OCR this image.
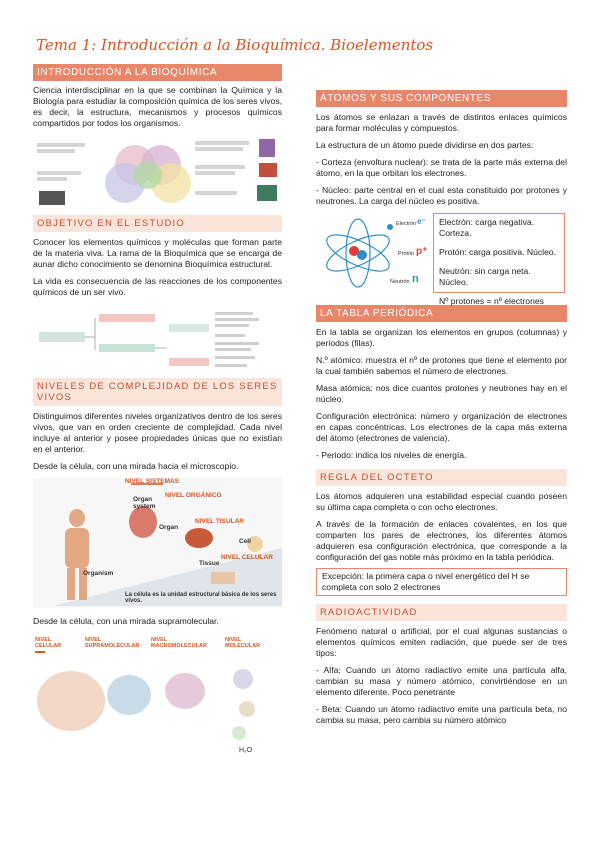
Tema 1: Introducción a la Bioquímica. Bioelementos
INTRODUCCIÓN A LA BIOQUÍMICA

Ciencia interdisciplinar en la que se combinan la Química y la Biología para estudiar la composición química de los seres vivos, es decir, la estructura, mecanismos y procesos químicos compartidos por todos los organismos.

OBJETIVO EN EL ESTUDIO

Conocer los elementos químicos y moléculas que forman parte de la materia viva. La rama de la Bioquímica que se encarga de aunar dicho conocimiento se denomina Bioquímica estructural.

La vida es consecuencia de las reacciones de los componentes químicos de un ser vivo.

NIVELES DE COMPLEJIDAD DE LOS SERES VIVOS

Distinguimos diferentes niveles organizativos dentro de los seres vivos, que van en orden creciente de complejidad. Cada nivel incluye al anterior y posee propiedades únicas que no existían en el anterior.

Desde la célula, con una mirada hacia el microscopio.

NIVEL SISTEMAS
NIVEL ORGÁNICO
NIVEL TISULAR
NIVEL CELULAR
Organ system
Organ
Cell
Tissue
Organism
La célula es la unidad estructural básica de los seres vivos.

Desde la célula, con una mirada supramolecular.

NIVEL CELULAR
NIVEL SUPRAMOLECULAR
NIVEL MACROMOLECULAR
NIVEL MOLECULAR
H₂O
ÁTOMOS Y SUS COMPONENTES

Los átomos se enlazan a través de distintos enlaces químicos para formar moléculas y compuestos.

La estructura de un átomo puede dividirse en dos partes:

- Corteza (envoltura nuclear): se trata de la parte más externa del átomo, en la que orbitan los electrones.

- Núcleo: parte central en el cual esta constituido por protones y neutrones. La carga del núcleo es positiva.

Electrón e⁻
Protón p⁺
Neutrón n

Electrón: carga negativa. Corteza.

Protón: carga positiva. Núcleo.

Neutrón: sin carga neta. Núcleo.

Nº protones = nº electrones

LA TABLA PERIÓDICA

En la tabla se organizan los elementos en grupos (columnas) y periodos (filas).

N.º atómico: muestra el nº de protones que tiene el elemento por la cual también sabemos el número de electrones.

Masa atómica: nos dice cuantos protones y neutrones hay en el núcleo.

Configuración electrónica: número y organización de electrones en capas concéntricas. Los electrones de la capa más externa del átomo (electrones de valencia).

- Periodo: indica los niveles de energía.

REGLA DEL OCTETO

Los átomos adquieren una estabilidad especial cuando poseen su última capa completa o con ocho electrones.

A través de la formación de enlaces covalentes, en los que comparten los pares de electrones, los diferentes átomos adquieren esa configuración electrónica, que corresponde a la configuración del gas noble más próximo en la tabla periódica.

Excepción: la primera capa o nivel energético del H se completa con solo 2 electrones

RADIOACTIVIDAD

Fenómeno natural o artificial, por el cual algunas sustancias o elementos químicos emiten radiación, que puede ser de tres tipos:

- Alfa: Cuando un átomo radiactivo emite una partícula alfa, cambian su masa y número atómico, convirtiéndose en un elemento diferente. Poco penetrante

- Beta: Cuando un átomo radiactivo emite una partícula beta, no cambia su masa, pero cambia su número atómico
